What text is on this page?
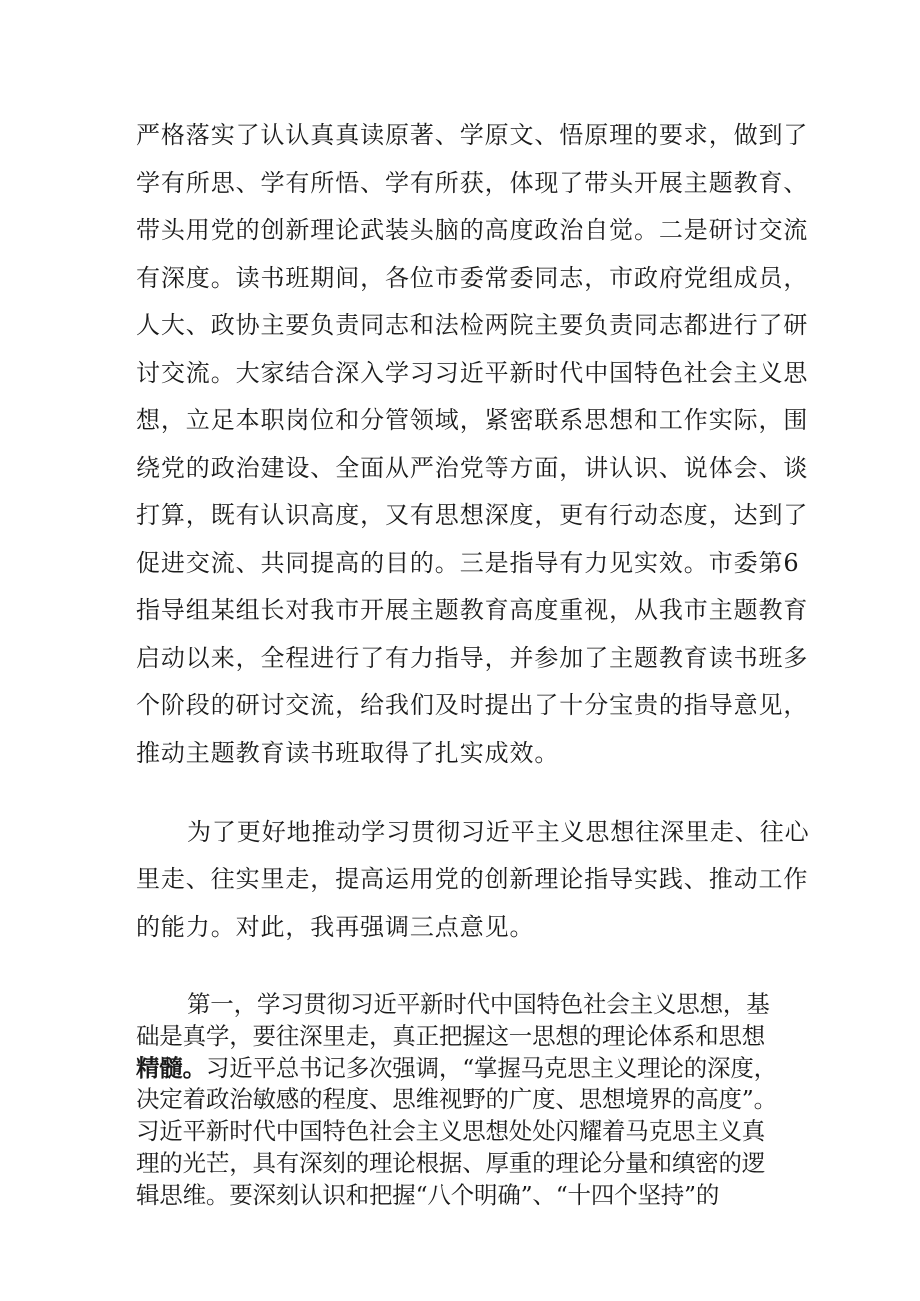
严格落实了认认真真读原著、学原文、悟原理的要求，做到了
学有所思、学有所悟、学有所获，体现了带头开展主题教育、
带头用党的创新理论武装头脑的高度政治自觉。二是研讨交流
有深度。读书班期间，各位市委常委同志，市政府党组成员，
人大、政协主要负责同志和法检两院主要负责同志都进行了研
讨交流。大家结合深入学习习近平新时代中国特色社会主义思
想，立足本职岗位和分管领域，紧密联系思想和工作实际，围
绕党的政治建设、全面从严治党等方面，讲认识、说体会、谈
打算，既有认识高度，又有思想深度，更有行动态度，达到了
促进交流、共同提高的目的。三是指导有力见实效。市委第6
指导组某组长对我市开展主题教育高度重视，从我市主题教育
启动以来，全程进行了有力指导，并参加了主题教育读书班多
个阶段的研讨交流，给我们及时提出了十分宝贵的指导意见，
推动主题教育读书班取得了扎实成效。
为了更好地推动学习贯彻习近平主义思想往深里走、往心
里走、往实里走，提高运用党的创新理论指导实践、推动工作
的能力。对此，我再强调三点意见。
第一，学习贯彻习近平新时代中国特色社会主义思想，基
础是真学，要往深里走，真正把握这一思想的理论体系和思想
精髓。习近平总书记多次强调，“掌握马克思主义理论的深度，
决定着政治敏感的程度、思维视野的广度、思想境界的高度”。
习近平新时代中国特色社会主义思想处处闪耀着马克思主义真
理的光芒，具有深刻的理论根据、厚重的理论分量和缜密的逻
辑思维。要深刻认识和把握“八个明确”、“十四个坚持”的
